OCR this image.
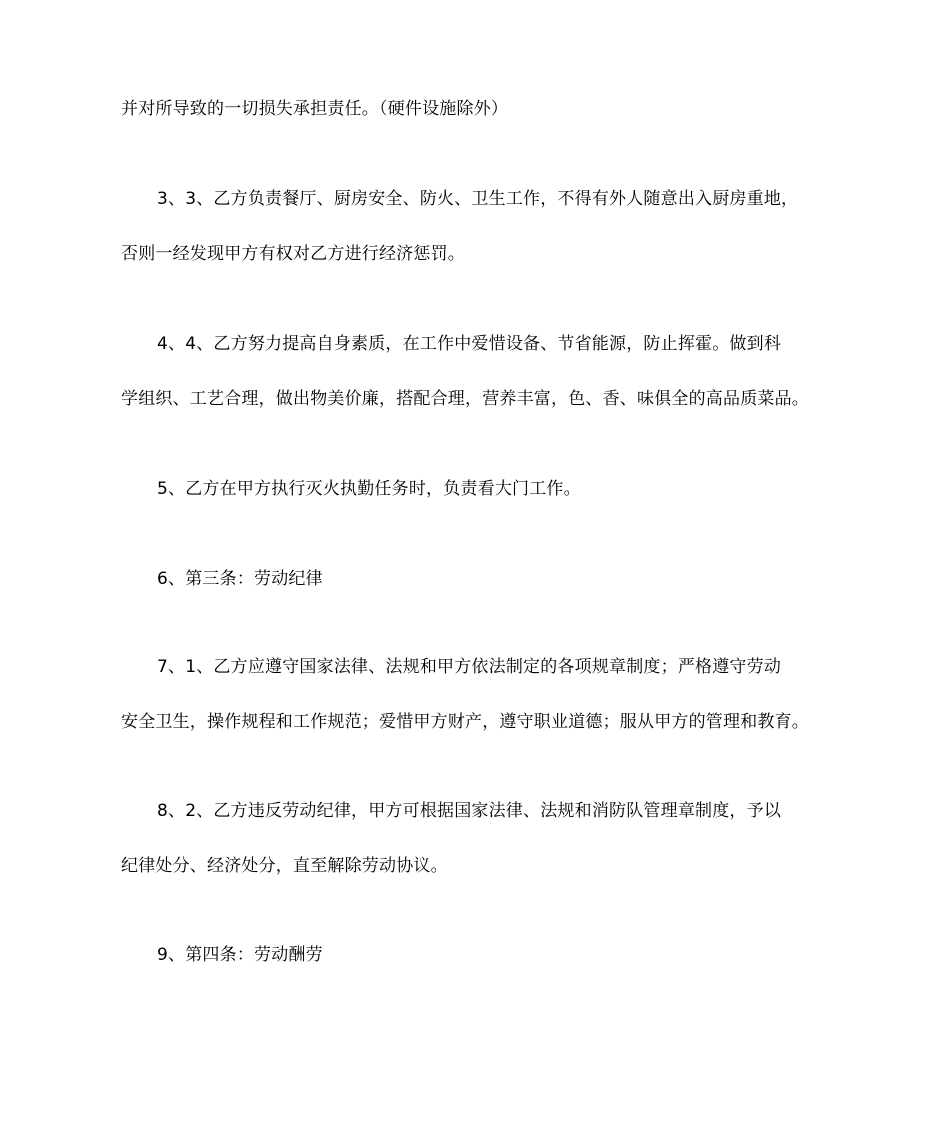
并对所导致的一切损失承担责任。（硬件设施除外）
3、3、乙方负责餐厅、厨房安全、防火、卫生工作，不得有外人随意出入厨房重地，
否则一经发现甲方有权对乙方进行经济惩罚。
4、4、乙方努力提高自身素质，在工作中爱惜设备、节省能源，防止挥霍。做到科
学组织、工艺合理，做出物美价廉，搭配合理，营养丰富，色、香、味俱全的高品质菜品。
5、乙方在甲方执行灭火执勤任务时，负责看大门工作。
6、第三条：劳动纪律
7、1、乙方应遵守国家法律、法规和甲方依法制定的各项规章制度；严格遵守劳动
安全卫生，操作规程和工作规范；爱惜甲方财产，遵守职业道德；服从甲方的管理和教育。
8、2、乙方违反劳动纪律，甲方可根据国家法律、法规和消防队管理章制度，予以
纪律处分、经济处分，直至解除劳动协议。
9、第四条：劳动酬劳
